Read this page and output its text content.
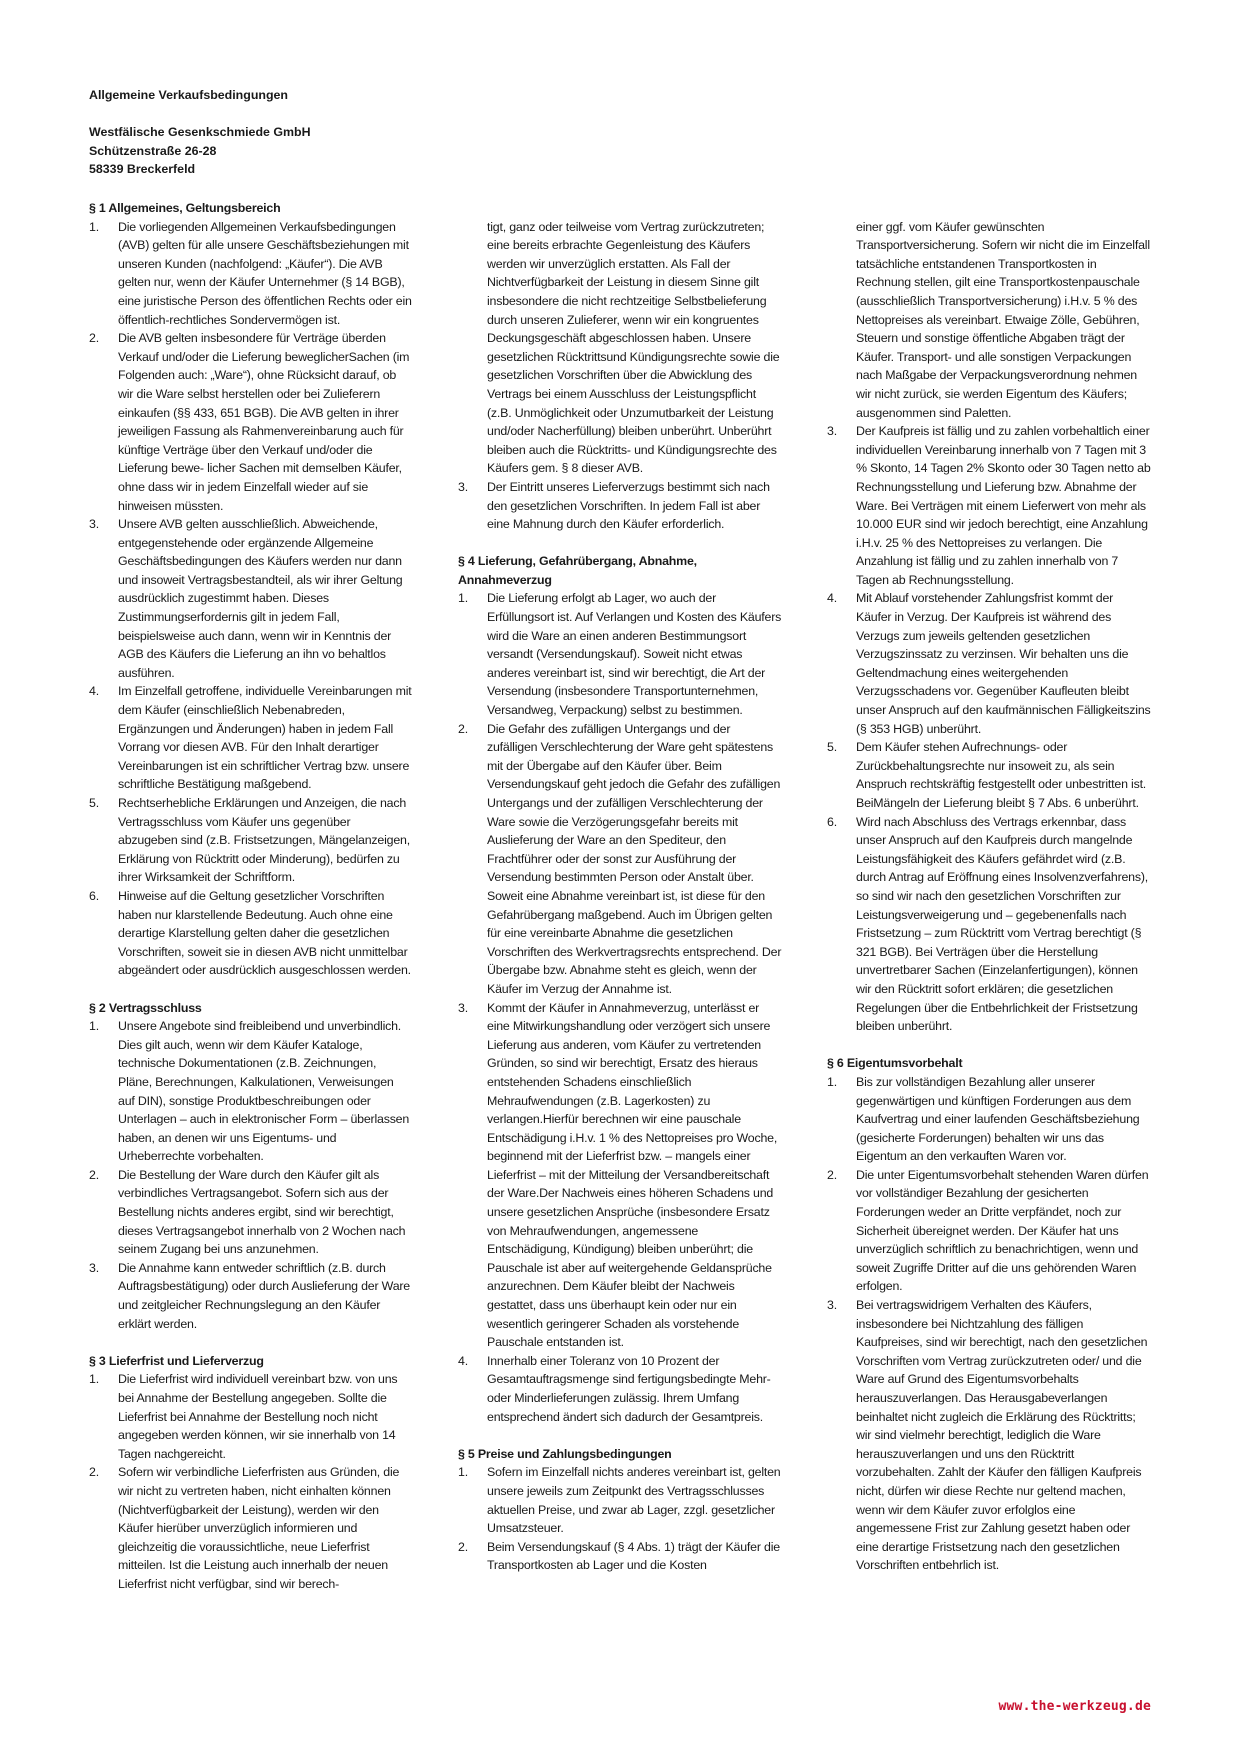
Allgemeine Verkaufsbedingungen
Westfälische Gesenkschmiede GmbH
Schützenstraße 26-28
58339 Breckerfeld

§ 1 Allgemeines, Geltungsbereich

1.	Die vorliegenden Allgemeinen Verkaufsbedingungen (AVB) gelten für alle unsere Geschäftsbeziehungen mit unseren Kunden (nachfolgend: „Käufer“). Die AVB gelten nur, wenn der Käufer Unternehmer (§ 14 BGB), eine juristische Person des öffentlichen Rechts oder ein öffentlich-rechtliches Sondervermögen ist.
2.	Die AVB gelten insbesondere für Verträge überden Verkauf und/oder die Lieferung beweglicherSachen (im Folgenden auch: „Ware“), ohne Rücksicht darauf, ob wir die Ware selbst herstellen oder bei Zulieferern einkaufen (§§ 433, 651 BGB). Die AVB gelten in ihrer jeweiligen Fassung als Rahmenvereinbarung auch für künftige Verträge über den Verkauf und/oder die Lieferung bewe- licher Sachen mit demselben Käufer, ohne dass wir in jedem Einzelfall wieder auf sie hinweisen müssten.
3.	Unsere AVB gelten ausschließlich. Abweichende, entgegenstehende oder ergänzende Allgemeine Geschäftsbedingungen des Käufers werden nur dann und insoweit Vertragsbestandteil, als wir ihrer Geltung ausdrücklich zugestimmt haben. Dieses Zustimmungserfordernis gilt in jedem Fall, beispielsweise auch dann, wenn wir in Kenntnis der AGB des Käufers die Lieferung an ihn vo behaltlos ausführen.
4.	Im Einzelfall getroffene, individuelle Vereinbarungen mit dem Käufer (einschließlich Nebenabreden, Ergänzungen und Änderungen) haben in jedem Fall Vorrang vor diesen AVB. Für den Inhalt derartiger Vereinbarungen ist ein schriftlicher Vertrag bzw. unsere schriftliche Bestätigung maßgebend.
5.	Rechtserhebliche Erklärungen und Anzeigen, die nach Vertragsschluss vom Käufer uns gegenüber abzugeben sind (z.B. Fristsetzungen, Mängelanzeigen, Erklärung von Rücktritt oder Minderung), bedürfen zu ihrer Wirksamkeit der Schriftform.
6.	Hinweise auf die Geltung gesetzlicher Vorschriften haben nur klarstellende Bedeutung. Auch ohne eine derartige Klarstellung gelten daher die gesetzlichen Vorschriften, soweit sie in diesen AVB nicht unmittelbar abgeändert oder ausdrücklich ausgeschlossen werden.

§ 2 Vertragsschluss

1.	Unsere Angebote sind freibleibend und unverbindlich. Dies gilt auch, wenn wir dem Käufer Kataloge, technische Dokumentationen (z.B. Zeichnungen, Pläne, Berechnungen, Kalkulationen, Verweisungen auf DIN), sonstige Produktbeschreibungen oder Unterlagen – auch in elektronischer Form – überlassen haben, an denen wir uns Eigentums- und Urheberrechte vorbehalten.
2.	Die Bestellung der Ware durch den Käufer gilt als verbindliches Vertragsangebot. Sofern sich aus der Bestellung nichts anderes ergibt, sind wir berechtigt, dieses Vertragsangebot innerhalb von 2 Wochen nach seinem Zugang bei uns anzunehmen.
3.	Die Annahme kann entweder schriftlich (z.B. durch Auftragsbestätigung) oder durch Auslieferung der Ware und zeitgleicher Rechnungslegung an den Käufer erklärt werden.

§ 3 Lieferfrist und Lieferverzug

1.	Die Lieferfrist wird individuell vereinbart bzw. von uns bei Annahme der Bestellung angegeben. Sollte die Lieferfrist bei Annahme der Bestellung noch nicht angegeben werden können, wir sie innerhalb von 14 Tagen nachgereicht.
2.	Sofern wir verbindliche Lieferfristen aus Gründen, die wir nicht zu vertreten haben, nicht einhalten können (Nichtverfügbarkeit der Leistung), werden wir den Käufer hierüber unverzüglich informieren und gleichzeitig die voraussichtliche, neue Lieferfrist mitteilen. Ist die Leistung auch innerhalb der neuen Lieferfrist nicht verfügbar, sind wir berech-
tigt, ganz oder teilweise vom Vertrag zurückzutreten; eine bereits erbrachte Gegenleistung des Käufers werden wir unverzüglich erstatten. Als Fall der Nichtverfügbarkeit der Leistung in diesem Sinne gilt insbesondere die nicht rechtzeitige Selbstbelieferung durch unseren Zulieferer, wenn wir ein kongruentes Deckungsgeschäft abgeschlossen haben. Unsere gesetzlichen Rücktrittsund Kündigungsrechte sowie die gesetzlichen Vorschriften über die Abwicklung des Vertrags bei einem Ausschluss der Leistungspflicht (z.B. Unmöglichkeit oder Unzumutbarkeit der Leistung und/oder Nacherfüllung) bleiben unberührt. Unberührt bleiben auch die Rücktritts- und Kündigungsrechte des Käufers gem. § 8 dieser AVB.
3.	Der Eintritt unseres Lieferverzugs bestimmt sich nach den gesetzlichen Vorschriften. In jedem Fall ist aber eine Mahnung durch den Käufer erforderlich.

§ 4 Lieferung, Gefahrübergang, Abnahme, Annahmeverzug

1.	Die Lieferung erfolgt ab Lager, wo auch der Erfüllungsort ist. Auf Verlangen und Kosten des Käufers wird die Ware an einen anderen Bestimmungsort versandt (Versendungskauf). Soweit nicht etwas anderes vereinbart ist, sind wir berechtigt, die Art der Versendung (insbesondere Transportunternehmen, Versandweg, Verpackung) selbst zu bestimmen.
2.	Die Gefahr des zufälligen Untergangs und der zufälligen Verschlechterung der Ware geht spätestens mit der Übergabe auf den Käufer über. Beim Versendungskauf geht jedoch die Gefahr des zufälligen Untergangs und der zufälligen Verschlechterung der Ware sowie die Verzögerungsgefahr bereits mit Auslieferung der Ware an den Spediteur, den Frachtführer oder der sonst zur Ausführung der Versendung bestimmten Person oder Anstalt über. Soweit eine Abnahme vereinbart ist, ist diese für den Gefahrübergang maßgebend. Auch im Übrigen gelten für eine vereinbarte Abnahme die gesetzlichen Vorschriften des Werkvertragsrechts entsprechend. Der Übergabe bzw. Abnahme steht es gleich, wenn der Käufer im Verzug der Annahme ist.
3.	Kommt der Käufer in Annahmeverzug, unterlässt er eine Mitwirkungshandlung oder verzögert sich unsere Lieferung aus anderen, vom Käufer zu vertretenden Gründen, so sind wir berechtigt, Ersatz des hieraus entstehenden Schadens einschließlich Mehraufwendungen (z.B. Lagerkosten) zu verlangen.Hierfür berechnen wir eine pauschale Entschädigung i.H.v. 1 % des Nettopreises pro Woche, beginnend mit der Lieferfrist bzw. – mangels einer Lieferfrist – mit der Mitteilung der Versandbereitschaft der Ware.Der Nachweis eines höheren Schadens und unsere gesetzlichen Ansprüche (insbesondere Ersatz von Mehraufwendungen, angemessene Entschädigung, Kündigung) bleiben unberührt; die Pauschale ist aber auf weitergehende Geldansprüche anzurechnen. Dem Käufer bleibt der Nachweis gestattet, dass uns überhaupt kein oder nur ein wesentlich geringerer Schaden als vorstehende Pauschale entstanden ist.
4.	Innerhalb einer Toleranz von 10 Prozent der Gesamtauftragsmenge sind fertigungsbedingte Mehr- oder Minderlieferungen zulässig. Ihrem Umfang entsprechend ändert sich dadurch der Gesamtpreis.

§ 5 Preise und Zahlungsbedingungen

1.	Sofern im Einzelfall nichts anderes vereinbart ist, gelten unsere jeweils zum Zeitpunkt des Vertragsschlusses aktuellen Preise, und zwar ab Lager, zzgl. gesetzlicher Umsatzsteuer.
2.	Beim Versendungskauf (§ 4 Abs. 1) trägt der Käufer die Transportkosten ab Lager und die Kosten
einer ggf. vom Käufer gewünschten Transportversicherung. Sofern wir nicht die im Einzelfall tatsächliche entstandenen Transportkosten in Rechnung stellen, gilt eine Transportkostenpauschale (ausschließlich Transportversicherung) i.H.v. 5 % des Nettopreises als vereinbart. Etwaige Zölle, Gebühren, Steuern und sonstige öffentliche Abgaben trägt der Käufer. Transport- und alle sonstigen Verpackungen nach Maßgabe der Verpackungsverordnung nehmen wir nicht zurück, sie werden Eigentum des Käufers; ausgenommen sind Paletten.
3.	Der Kaufpreis ist fällig und zu zahlen vorbehaltlich einer individuellen Vereinbarung innerhalb von 7 Tagen mit 3 % Skonto, 14 Tagen 2% Skonto oder 30 Tagen netto ab Rechnungsstellung und Lieferung bzw. Abnahme der Ware. Bei Verträgen mit einem Lieferwert von mehr als 10.000 EUR sind wir jedoch berechtigt, eine Anzahlung i.H.v. 25 % des Nettopreises zu verlangen. Die Anzahlung ist fällig und zu zahlen innerhalb von 7 Tagen ab Rechnungsstellung.
4.	Mit Ablauf vorstehender Zahlungsfrist kommt der Käufer in Verzug. Der Kaufpreis ist während des Verzugs zum jeweils geltenden gesetzlichen Verzugszinssatz zu verzinsen. Wir behalten uns die Geltendmachung eines weitergehenden Verzugsschadens vor. Gegenüber Kaufleuten bleibt unser Anspruch auf den kaufmännischen Fälligkeitszins (§ 353 HGB) unberührt.
5.	Dem Käufer stehen Aufrechnungs- oder Zurückbehaltungsrechte nur insoweit zu, als sein Anspruch rechtskräftig festgestellt oder unbestritten ist. BeiMängeln der Lieferung bleibt § 7 Abs. 6 unberührt.
6.	Wird nach Abschluss des Vertrags erkennbar, dass unser Anspruch auf den Kaufpreis durch mangelnde Leistungsfähigkeit des Käufers gefährdet wird (z.B. durch Antrag auf Eröffnung eines Insolvenzverfahrens), so sind wir nach den gesetzlichen Vorschriften zur Leistungsverweigerung und – gegebenenfalls nach Fristsetzung – zum Rücktritt vom Vertrag berechtigt (§ 321 BGB). Bei Verträgen über die Herstellung unvertretbarer Sachen (Einzelanfertigungen), können wir den Rücktritt sofort erklären; die gesetzlichen Regelungen über die Entbehrlichkeit der Fristsetzung bleiben unberührt.

§ 6 Eigentumsvorbehalt

1.	Bis zur vollständigen Bezahlung aller unserer gegenwärtigen und künftigen Forderungen aus dem Kaufvertrag und einer laufenden Geschäftsbeziehung (gesicherte Forderungen) behalten wir uns das Eigentum an den verkauften Waren vor.
2.	Die unter Eigentumsvorbehalt stehenden Waren dürfen vor vollständiger Bezahlung der gesicherten Forderungen weder an Dritte verpfändet, noch zur Sicherheit übereignet werden. Der Käufer hat uns unverzüglich schriftlich zu benachrichtigen, wenn und soweit Zugriffe Dritter auf die uns gehörenden Waren erfolgen.
3.	Bei vertragswidrigem Verhalten des Käufers, insbesondere bei Nichtzahlung des fälligen Kaufpreises, sind wir berechtigt, nach den gesetzlichen Vorschriften vom Vertrag zurückzutreten oder/ und die Ware auf Grund des Eigentumsvorbehalts herauszuverlangen. Das Herausgabeverlangen beinhaltet nicht zugleich die Erklärung des Rücktritts; wir sind vielmehr berechtigt, lediglich die Ware herauszuverlangen und uns den Rücktritt vorzubehalten. Zahlt der Käufer den fälligen Kaufpreis nicht, dürfen wir diese Rechte nur geltend machen, wenn wir dem Käufer zuvor erfolglos eine angemessene Frist zur Zahlung gesetzt haben oder eine derartige Fristsetzung nach den gesetzlichen Vorschriften entbehrlich ist.
www.the-werkzeug.de
